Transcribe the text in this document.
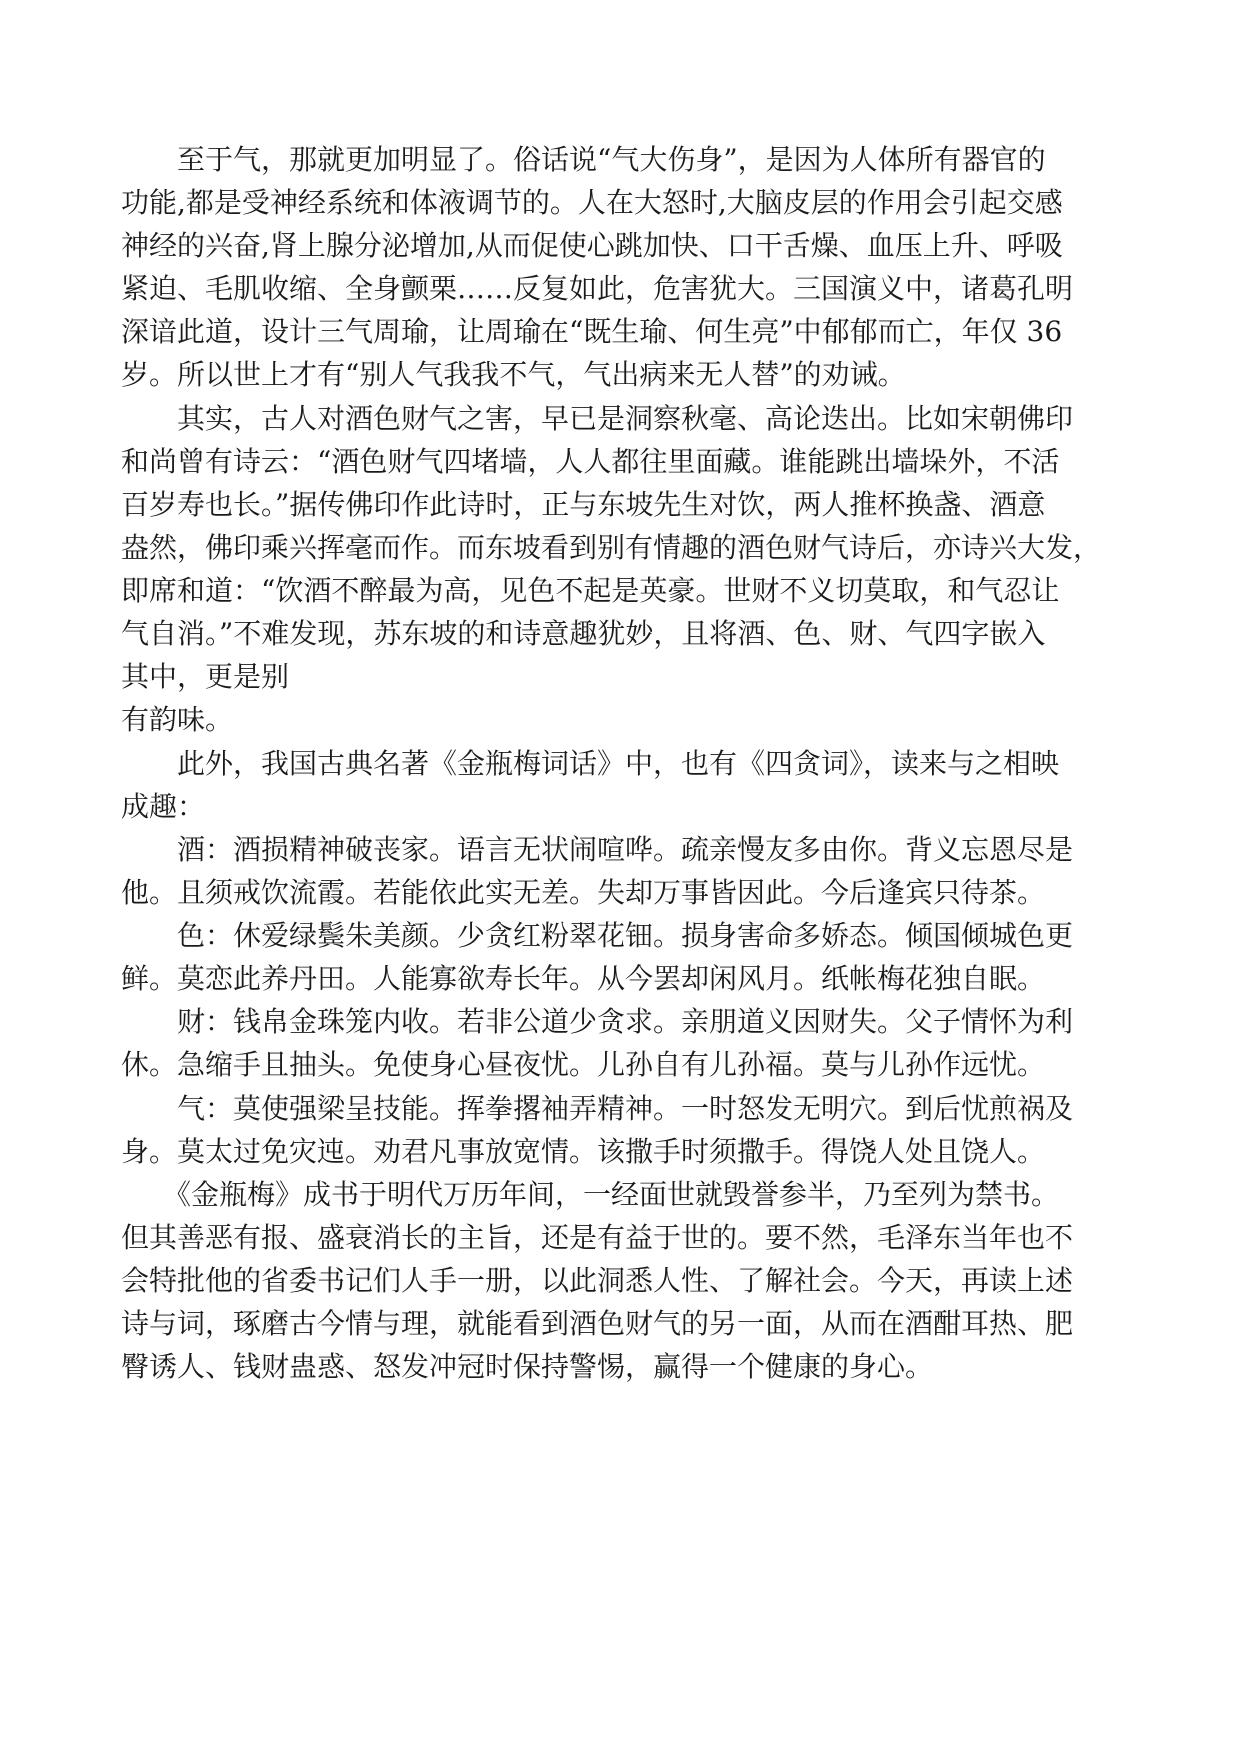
　　至于气，那就更加明显了。俗话说“气大伤身”，是因为人体所有器官的

功能,都是受神经系统和体液调节的。人在大怒时,大脑皮层的作用会引起交感

神经的兴奋,肾上腺分泌增加,从而促使心跳加快、口干舌燥、血压上升、呼吸

紧迫、毛肌收缩、全身颤栗……反复如此，危害犹大。三国演义中，诸葛孔明

深谙此道，设计三气周瑜，让周瑜在“既生瑜、何生亮”中郁郁而亡，年仅 36

岁。所以世上才有“别人气我我不气，气出病来无人替”的劝诫。

　　其实，古人对酒色财气之害，早已是洞察秋毫、高论迭出。比如宋朝佛印

和尚曾有诗云：“酒色财气四堵墙，人人都往里面藏。谁能跳出墙垛外，不活

百岁寿也长。”据传佛印作此诗时，正与东坡先生对饮，两人推杯换盏、酒意

盎然，佛印乘兴挥毫而作。而东坡看到别有情趣的酒色财气诗后，亦诗兴大发，

即席和道：“饮酒不醉最为高，见色不起是英豪。世财不义切莫取，和气忍让

气自消。”不难发现，苏东坡的和诗意趣犹妙，且将酒、色、财、气四字嵌入

其中，更是别

有韵味。

　　此外，我国古典名著《金瓶梅词话》中，也有《四贪词》，读来与之相映

成趣：

　　酒：酒损精神破丧家。语言无状闹喧哗。疏亲慢友多由你。背义忘恩尽是

他。且须戒饮流霞。若能依此实无差。失却万事皆因此。今后逢宾只待茶。

　　色：休爱绿鬓朱美颜。少贪红粉翠花钿。损身害命多娇态。倾国倾城色更

鲜。莫恋此养丹田。人能寡欲寿长年。从今罢却闲风月。纸帐梅花独自眠。

　　财：钱帛金珠笼内收。若非公道少贪求。亲朋道义因财失。父子情怀为利

休。急缩手且抽头。免使身心昼夜忧。儿孙自有儿孙福。莫与儿孙作远忧。

　　气：莫使强梁呈技能。挥拳撂袖弄精神。一时怒发无明穴。到后忧煎祸及

身。莫太过免灾迍。劝君凡事放宽情。该撒手时须撒手。得饶人处且饶人。

　　《金瓶梅》成书于明代万历年间，一经面世就毁誉参半，乃至列为禁书。

但其善恶有报、盛衰消长的主旨，还是有益于世的。要不然，毛泽东当年也不

会特批他的省委书记们人手一册，以此洞悉人性、了解社会。今天，再读上述

诗与词，琢磨古今情与理，就能看到酒色财气的另一面，从而在酒酣耳热、肥

臀诱人、钱财蛊惑、怒发冲冠时保持警惕，赢得一个健康的身心。
